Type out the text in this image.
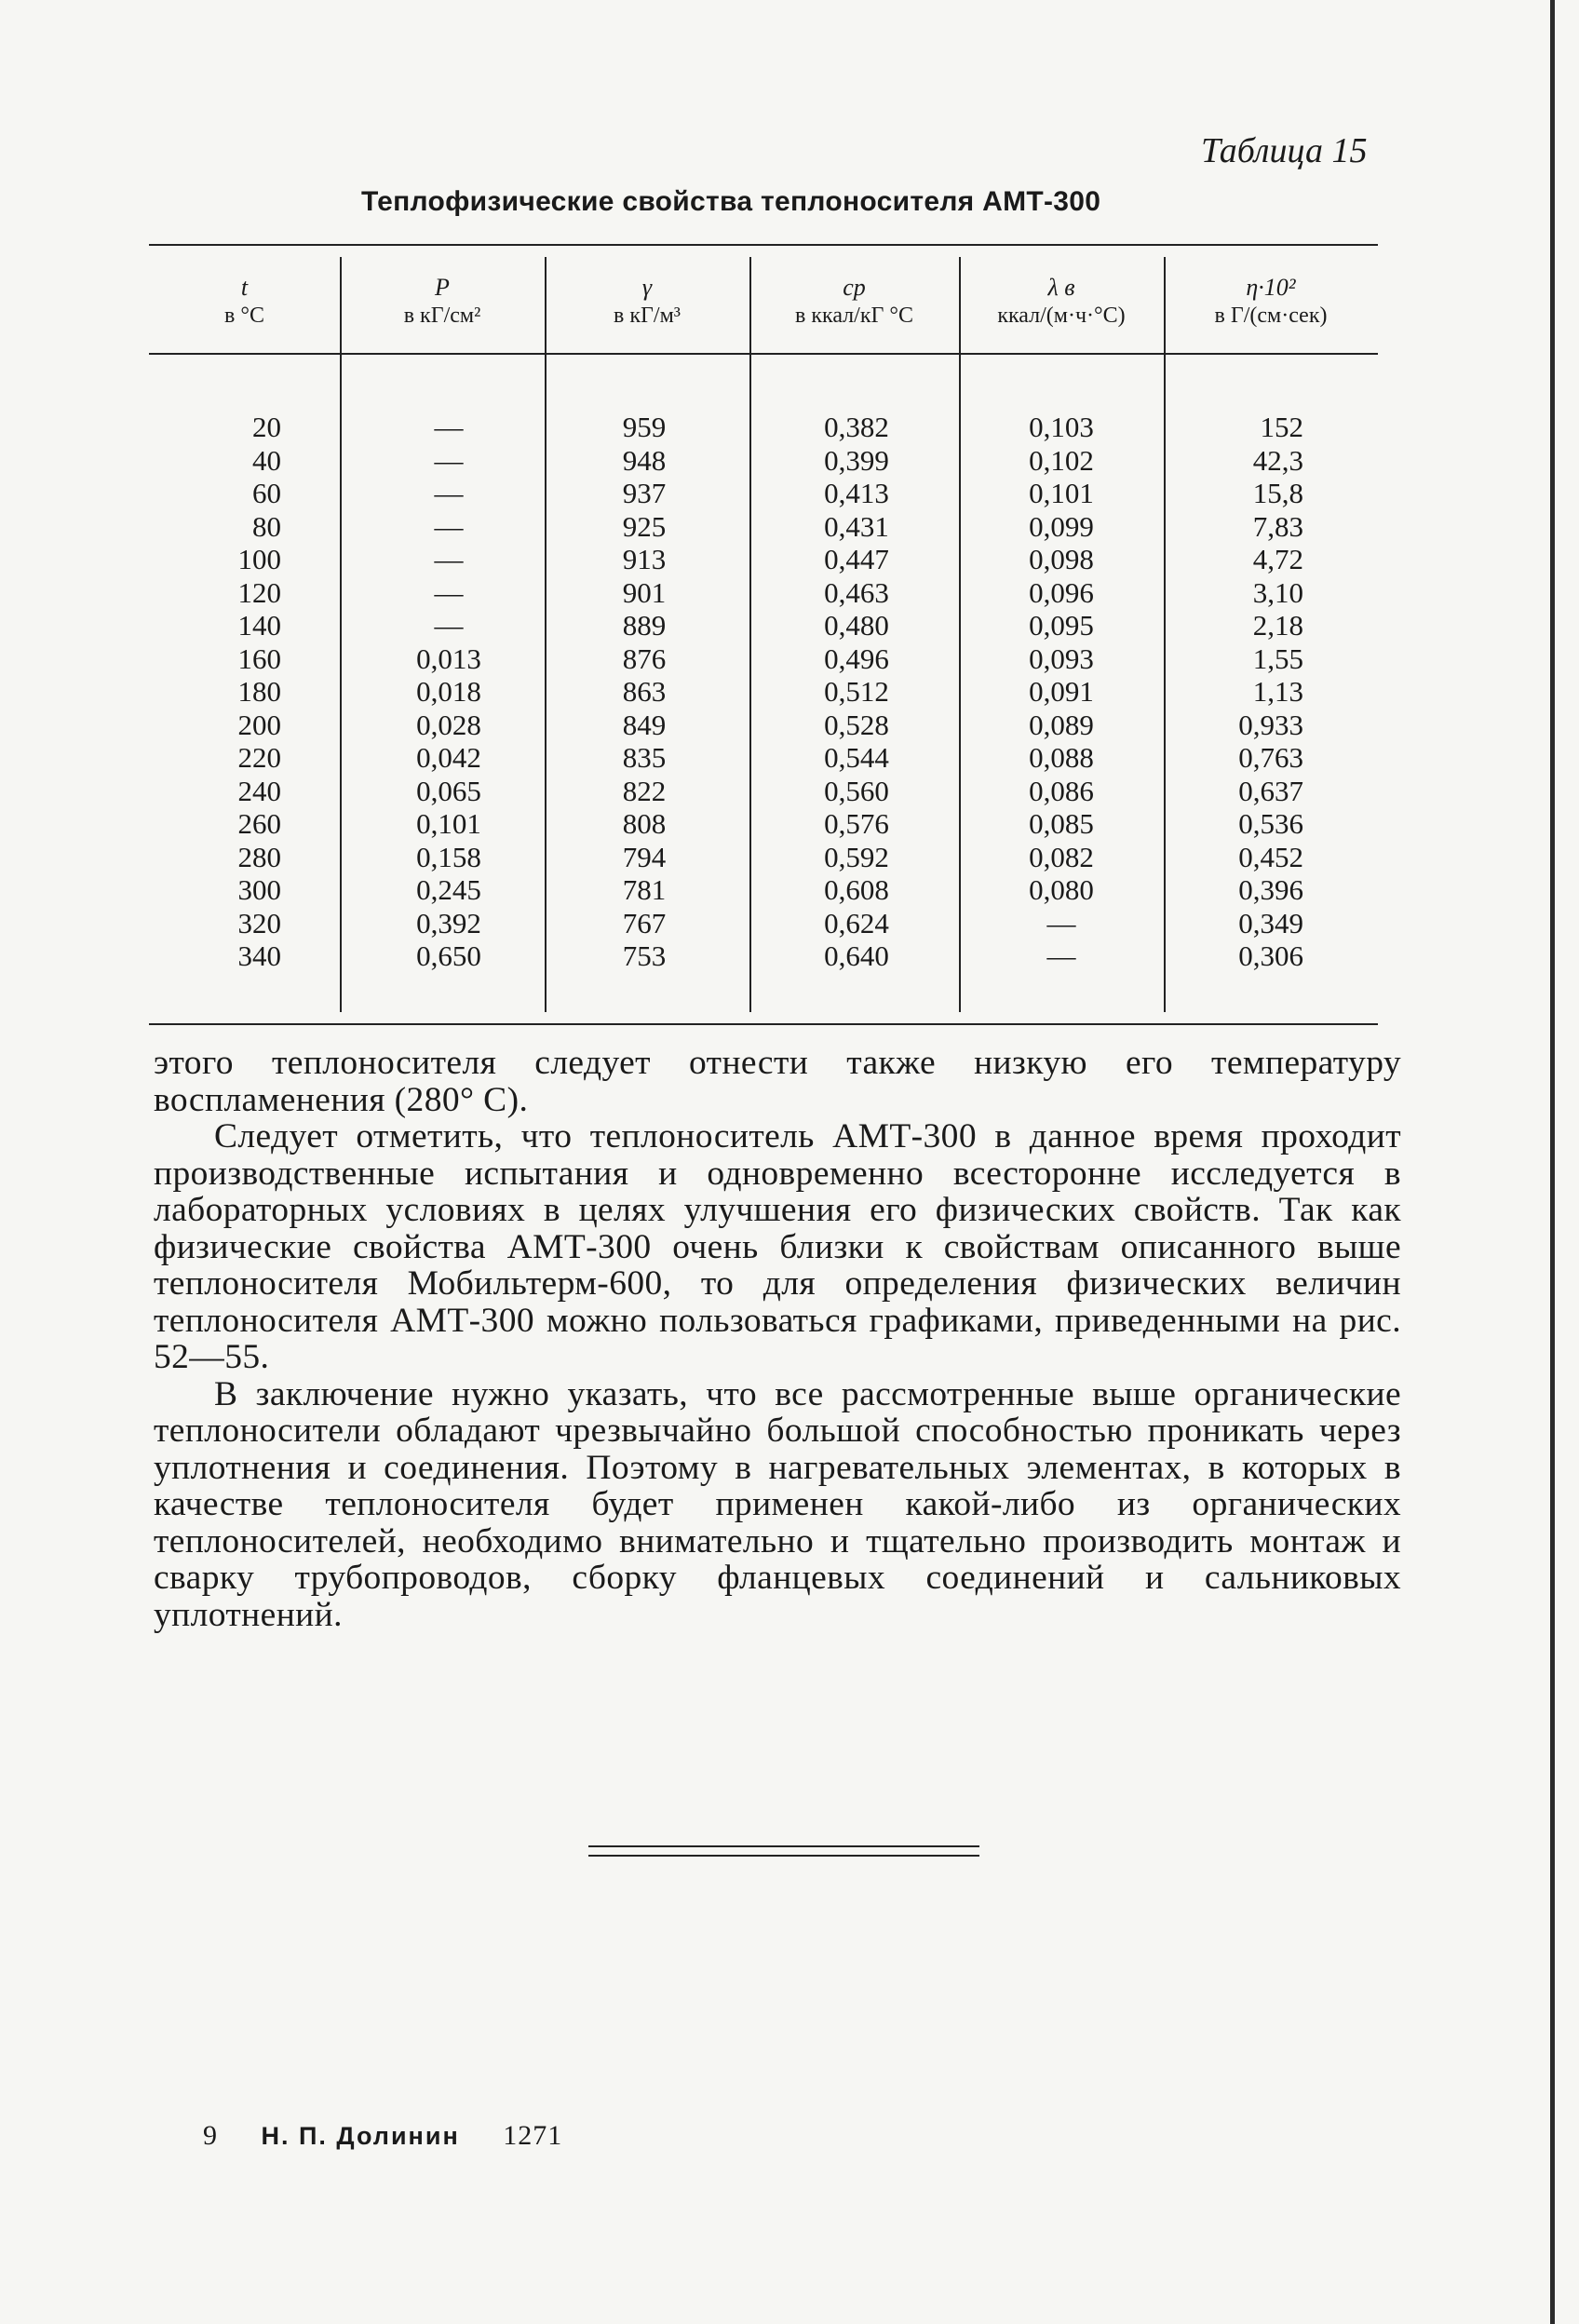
Таблица 15
Теплофизические свойства теплоносителя АМТ-300
t
в °С
P
в кГ/см²
γ
в кГ/м³
cp
в ккал/кГ °С
λ в
ккал/(м·ч·°С)
η·10²
в Г/(см·сек)
20
40
60
80
100
120
140
160
180
200
220
240
260
280
300
320
340
—
—
—
—
—
—
—
0,013
0,018
0,028
0,042
0,065
0,101
0,158
0,245
0,392
0,650
959
948
937
925
913
901
889
876
863
849
835
822
808
794
781
767
753
0,382
0,399
0,413
0,431
0,447
0,463
0,480
0,496
0,512
0,528
0,544
0,560
0,576
0,592
0,608
0,624
0,640
0,103
0,102
0,101
0,099
0,098
0,096
0,095
0,093
0,091
0,089
0,088
0,086
0,085
0,082
0,080
—
—
152
42,3
15,8
7,83
4,72
3,10
2,18
1,55
1,13
0,933
0,763
0,637
0,536
0,452
0,396
0,349
0,306

этого теплоносителя следует отнести также низкую его температуру воспламенения (280° С).

Следует отметить, что теплоноситель АМТ-300 в данное время проходит производственные испытания и одновременно всесторонне исследуется в лабораторных условиях в целях улучшения его физических свойств. Так как физические свойства АМТ-300 очень близки к свойствам описанного выше теплоносителя Мобильтерм-600, то для определения физических величин теплоносителя АМТ-300 можно пользоваться графиками, приведенными на рис. 52—55.

В заключение нужно указать, что все рассмотренные выше органические теплоносители обладают чрезвычайно большой способностью проникать через уплотнения и соединения. Поэтому в нагревательных элементах, в которых в качестве теплоносителя будет применен какой-либо из органических теплоносителей, необходимо внимательно и тщательно производить монтаж и сварку трубопроводов, сборку фланцевых соединений и сальниковых уплотнений.

9 Н. П. Долинин 1271
